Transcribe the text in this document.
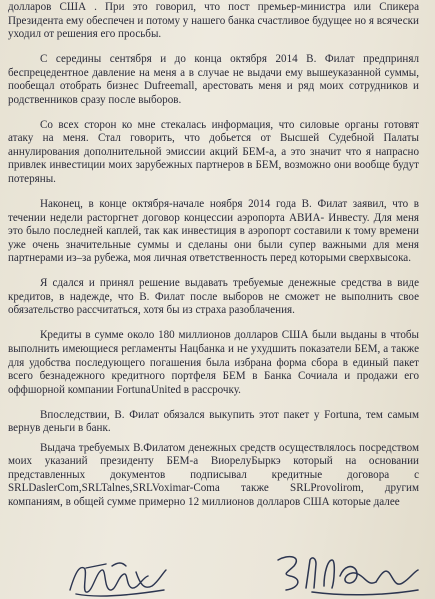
долларов США . При это говорил, что пост премьер-министра или Спикера Президента ему обеспечен и потому у нашего банка счастливое будущее но я всячески уходил от решения его просьбы.

С середины сентября и до конца октября 2014 В. Филат предпринял беспрецедентное давление на меня а в случае не выдачи ему вышеуказанной суммы, пообещал отобрать бизнес Dufreemall, арестовать меня и ряд моих сотрудников и родственников сразу после выборов.

Со всех сторон ко мне стекалась информация, что силовые органы готовят атаку на меня. Стал говорить, что добьется от Высшей Судебной Палаты аннулирования дополнительной эмиссии акций БЕМ-а, а это значит что я напрасно привлек инвестиции моих зарубежных партнеров в БЕМ, возможно они вообще будут потеряны.

Наконец, в конце октября-начале ноября 2014 года В. Филат заявил, что в течении недели расторгнет договор концессии аэропорта АВИА- Инвесту. Для меня это было последней каплей, так как инвестиция в аэропорт составили к тому времени уже очень значительные суммы и сделаны они были супер важными для меня партнерами из–за рубежа, моя личная ответственность перед которыми сверхвысока.

Я сдался и принял решение выдавать требуемые денежные средства в виде кредитов, в надежде, что В. Филат после выборов не сможет не выполнить свое обязательство рассчитаться, хотя бы из страха разоблачения.

Кредиты в сумме около 180 миллионов долларов США были выданы в чтобы выполнить имеющиеся регламенты Нацбанка и не ухудшить показатели БЕМ, а также для удобства последующего погашения была избрана форма сбора в единый пакет всего безнадежного кредитного портфеля БЕМ в Банка Сочиала и продажи его оффшорной компании FortunaUnited в рассрочку.

Впоследствии, В. Филат обязался выкупить этот пакет у Fortuna, тем самым вернув деньги в банк.

Выдача требуемых В.Филатом денежных средств осуществлялось посредством моих указаний президенту БЕМ-а ВиорелуБыркэ который на основании представленных документов подписывал кредитные договора с SRLDaslerCom,SRLTalnes,SRLVoximar-Coma также SRLProvolirom, другим компаниям, в общей сумме примерно 12 миллионов долларов США которые далее
